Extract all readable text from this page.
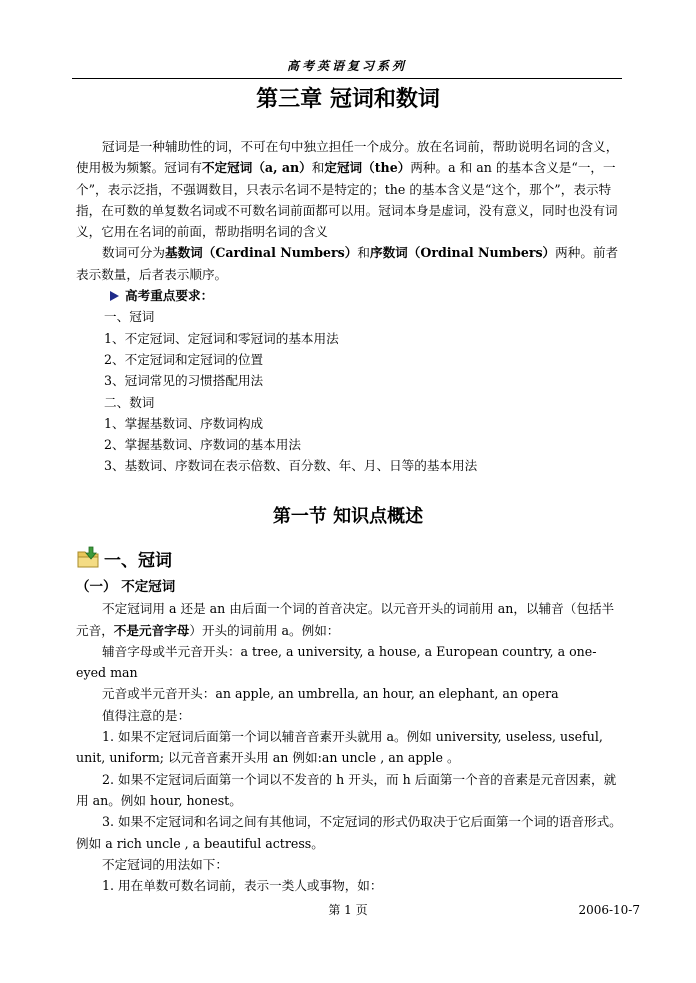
高考英语复习系列
第三章 冠词和数词

冠词是一种辅助性的词，不可在句中独立担任一个成分。放在名词前，帮助说明名词的含义，使用极为频繁。冠词有不定冠词（a, an）和定冠词（the）两种。a 和 an 的基本含义是“一，一个”，表示泛指，不强调数目，只表示名词不是特定的；the 的基本含义是“这个，那个”，表示特指，在可数的单复数名词或不可数名词前面都可以用。冠词本身是虚词，没有意义，同时也没有词义，它用在名词的前面，帮助指明名词的含义

数词可分为基数词（Cardinal Numbers）和序数词（Ordinal Numbers）两种。前者表示数量，后者表示顺序。

高考重点要求：
一、冠词
1、不定冠词、定冠词和零冠词的基本用法
2、不定冠词和定冠词的位置
3、冠词常见的习惯搭配用法
二、数词
1、掌握基数词、序数词构成
2、掌握基数词、序数词的基本用法
3、基数词、序数词在表示倍数、百分数、年、月、日等的基本用法
第一节 知识点概述
一、冠词
（一） 不定冠词

不定冠词用 a 还是 an 由后面一个词的首音决定。以元音开头的词前用 an，以辅音（包括半元音，不是元音字母）开头的词前用 a。例如：

辅音字母或半元音开头：a tree, a university, a house, a European country, a one-eyed man

元音或半元音开头：an apple, an umbrella, an hour, an elephant, an opera

值得注意的是：

1. 如果不定冠词后面第一个词以辅音音素开头就用 a。例如 university, useless, useful, unit, uniform; 以元音音素开头用 an 例如:an uncle , an apple 。

2. 如果不定冠词后面第一个词以不发音的 h 开头，而 h 后面第一个音的音素是元音因素，就用 an。例如 hour, honest。

3. 如果不定冠词和名词之间有其他词，不定冠词的形式仍取决于它后面第一个词的语音形式。例如 a rich uncle , a beautiful actress。

不定冠词的用法如下：

1. 用在单数可数名词前，表示一类人或事物，如：

第 1 页	2006-10-7
